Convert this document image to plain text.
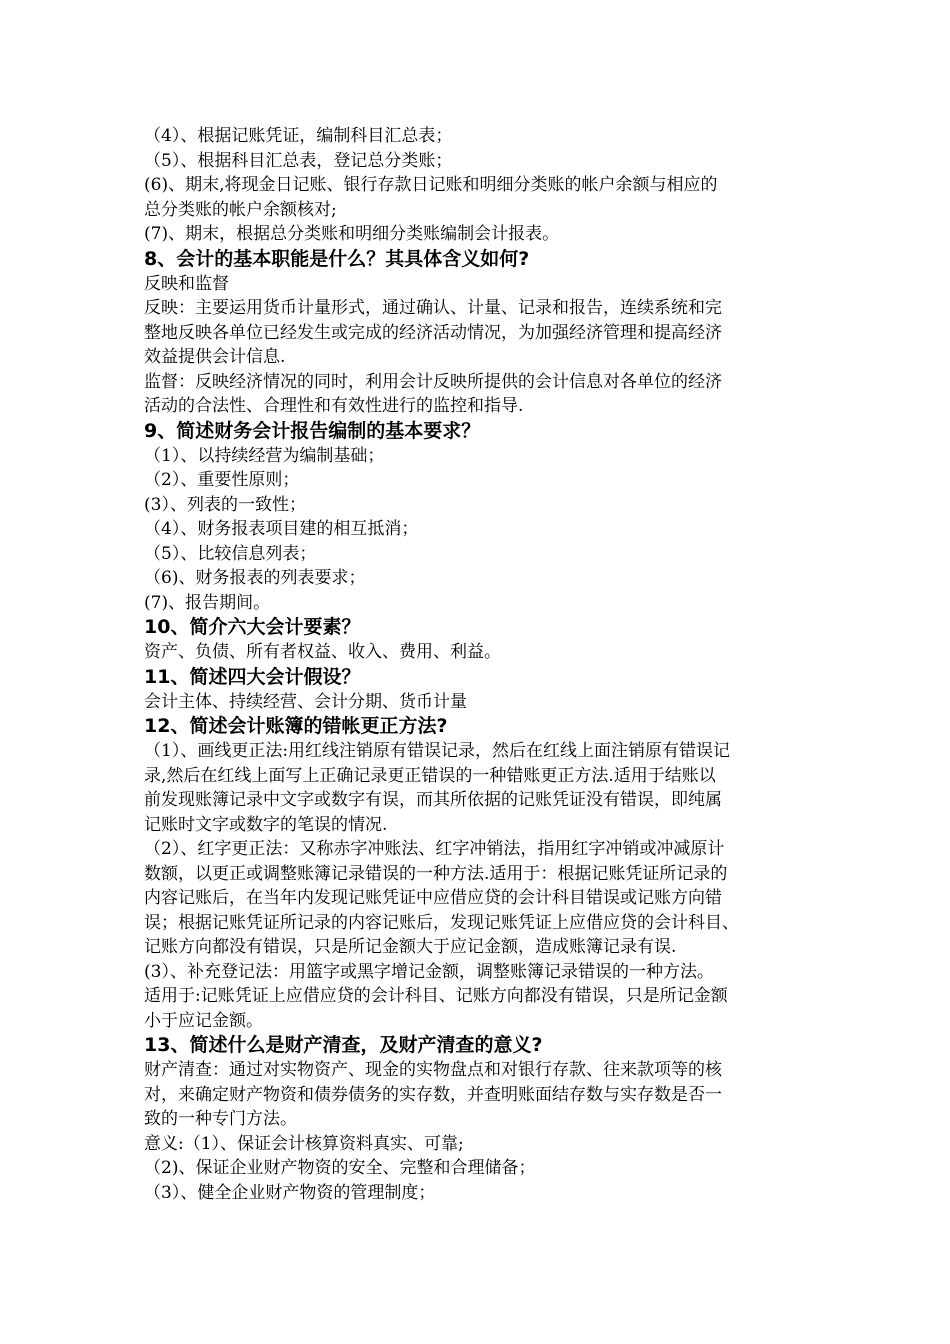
（4）、根据记账凭证，编制科目汇总表；
（5）、根据科目汇总表，登记总分类账；
(6)、期末,将现金日记账、银行存款日记账和明细分类账的帐户余额与相应的
总分类账的帐户余额核对;
(7)、期末，根据总分类账和明细分类账编制会计报表。
8、会计的基本职能是什么？其具体含义如何?
反映和监督
反映：主要运用货币计量形式，通过确认、计量、记录和报告，连续系统和完
整地反映各单位已经发生或完成的经济活动情况，为加强经济管理和提高经济
效益提供会计信息.
监督：反映经济情况的同时，利用会计反映所提供的会计信息对各单位的经济
活动的合法性、合理性和有效性进行的监控和指导.
9、简述财务会计报告编制的基本要求？
（1）、以持续经营为编制基础；
（2）、重要性原则；
(3）、列表的一致性；
（4）、财务报表项目建的相互抵消；
（5）、比较信息列表；
（6)、财务报表的列表要求；
(7)、报告期间。
10、简介六大会计要素？
资产、负债、所有者权益、收入、费用、利益。
11、简述四大会计假设？
会计主体、持续经营、会计分期、货币计量
12、简述会计账簿的错帐更正方法?
（1）、画线更正法:用红线注销原有错误记录，然后在红线上面注销原有错误记
录,然后在红线上面写上正确记录更正错误的一种错账更正方法.适用于结账以
前发现账簿记录中文字或数字有误，而其所依据的记账凭证没有错误，即纯属
记账时文字或数字的笔误的情况.
（2）、红字更正法：又称赤字冲账法、红字冲销法，指用红字冲销或冲减原计
数额，以更正或调整账簿记录错误的一种方法.适用于：根据记账凭证所记录的
内容记账后，在当年内发现记账凭证中应借应贷的会计科目错误或记账方向错
误；根据记账凭证所记录的内容记账后，发现记账凭证上应借应贷的会计科目、
记账方向都没有错误，只是所记金额大于应记金额，造成账簿记录有误.
(3）、补充登记法：用篮字或黑字增记金额，调整账簿记录错误的一种方法。
适用于:记账凭证上应借应贷的会计科目、记账方向都没有错误，只是所记金额
小于应记金额。
13、简述什么是财产清查，及财产清查的意义?
财产清查：通过对实物资产、现金的实物盘点和对银行存款、往来款项等的核
对，来确定财产物资和债券债务的实存数，并查明账面结存数与实存数是否一
致的一种专门方法。
意义:（1）、保证会计核算资料真实、可靠;
（2)、保证企业财产物资的安全、完整和合理储备；
（3）、健全企业财产物资的管理制度；
